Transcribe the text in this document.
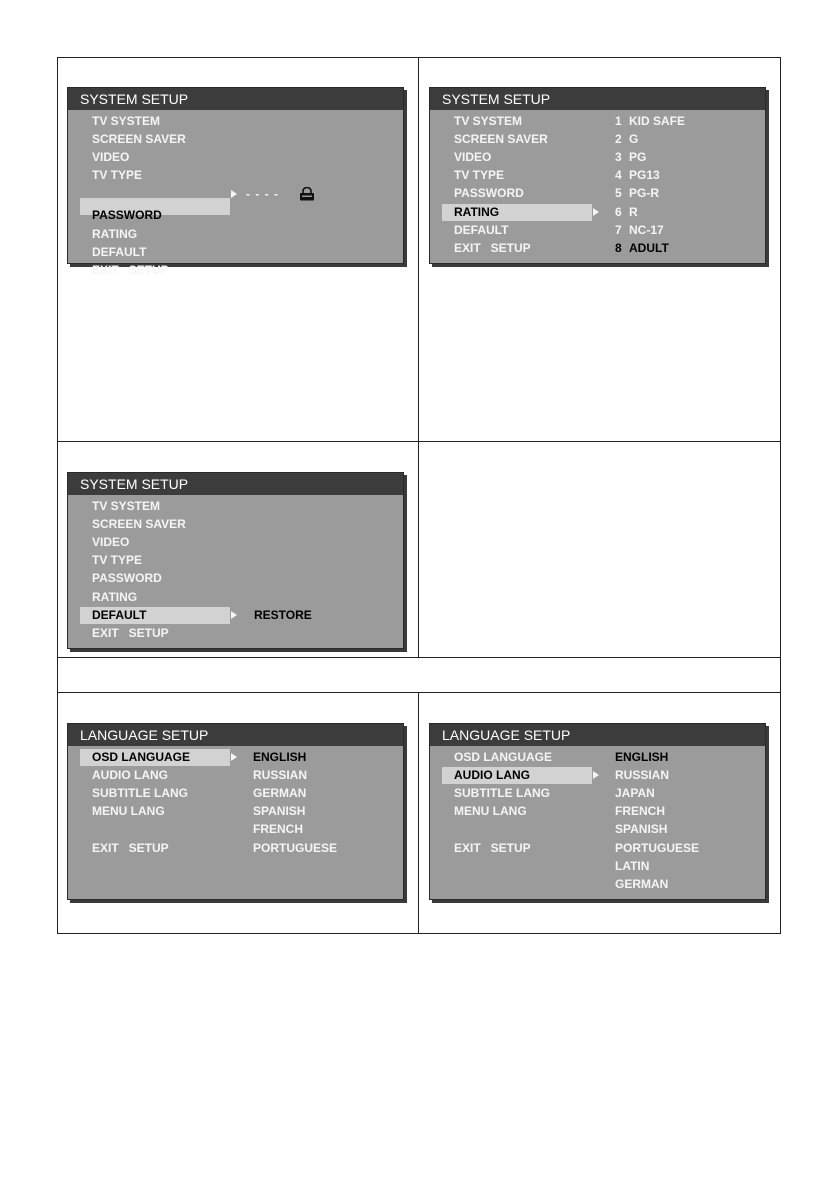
SYSTEM SETUP
TV SYSTEM
SCREEN SAVER
VIDEO
TV TYPE
PASSWORD
RATING
DEFAULT
EXIT   SETUP
- - - -
SYSTEM SETUP
TV SYSTEM
SCREEN SAVER
VIDEO
TV TYPE
PASSWORD
RATING
DEFAULT
EXIT   SETUP
1 KID SAFE
2 G
3 PG
4 PG13
5 PG-R
6 R
7 NC-17
8 ADULT
SYSTEM SETUP
TV SYSTEM
SCREEN SAVER
VIDEO
TV TYPE
PASSWORD
RATING
DEFAULT
EXIT   SETUP
RESTORE
LANGUAGE SETUP
OSD LANGUAGE
AUDIO LANG
SUBTITLE LANG
MENU LANG
EXIT   SETUP
ENGLISH
RUSSIAN
GERMAN
SPANISH
FRENCH
PORTUGUESE
LANGUAGE SETUP
OSD LANGUAGE
AUDIO LANG
SUBTITLE LANG
MENU LANG
EXIT   SETUP
ENGLISH
RUSSIAN
JAPAN
FRENCH
SPANISH
PORTUGUESE
LATIN
GERMAN
